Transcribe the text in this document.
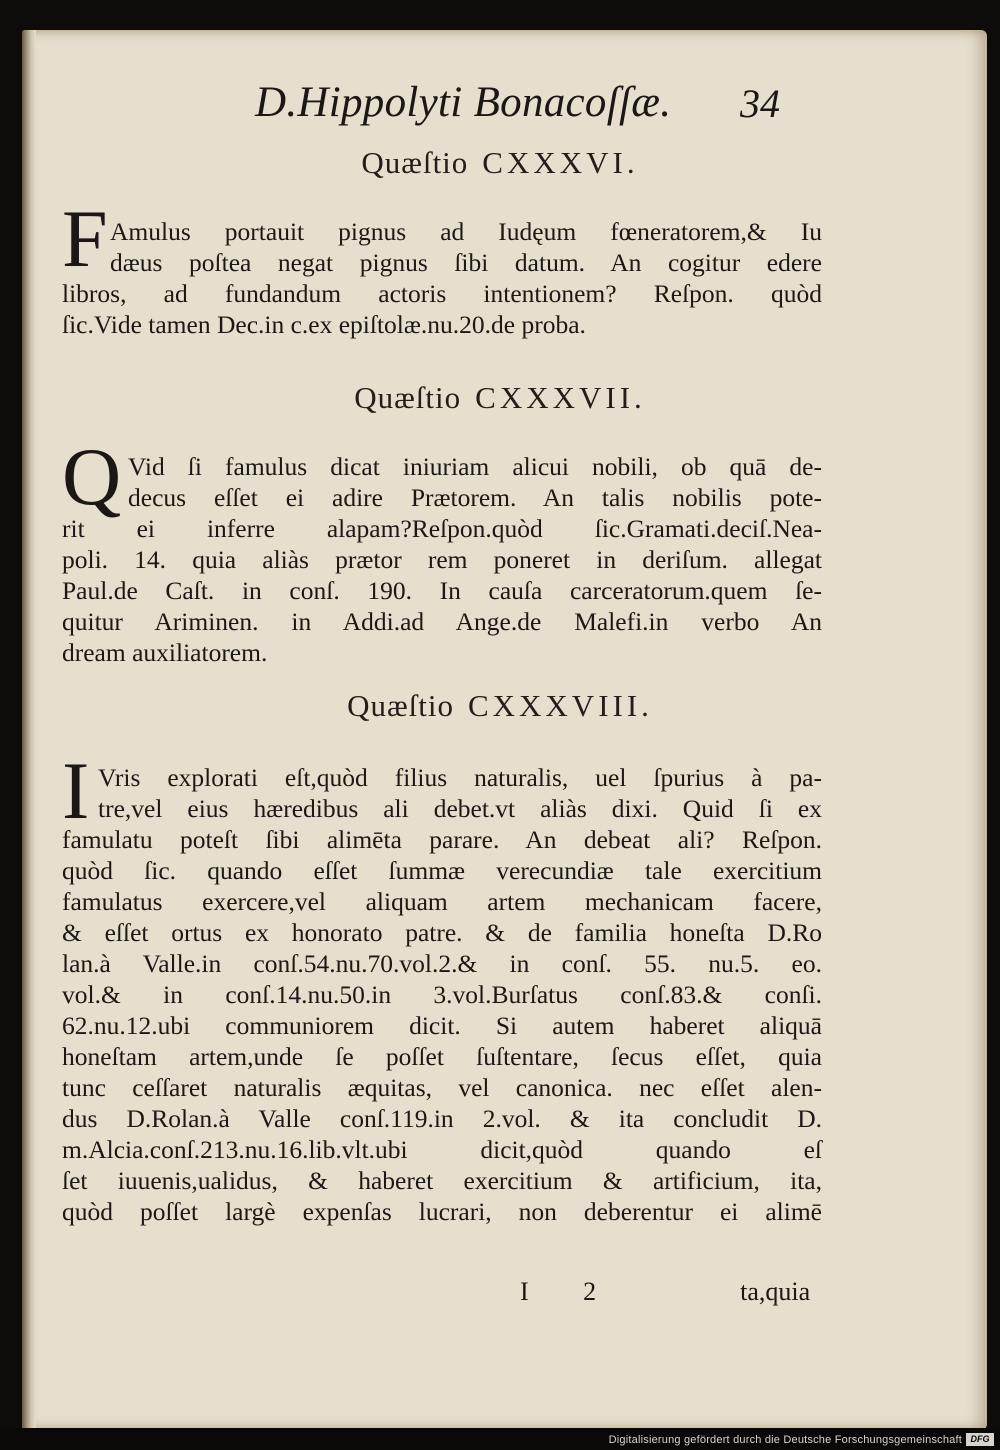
D.Hippolyti Bonacoſſæ. 34
Quæſtio CXXXVI.
F Amulus portauit pignus ad Iudęum fœneratorem,& Iu
dæus poſtea negat pignus ſibi datum. An cogitur edere
libros, ad fundandum actoris intentionem? Reſpon. quòd
ſic.Vide tamen Dec.in c.ex epiſtolæ.nu.20.de proba.
Quæſtio CXXXVII.
Q Vid ſi famulus dicat iniuriam alicui nobili, ob quā de-
decus eſſet ei adire Prætorem. An talis nobilis pote-
rit ei inferre alapam?Reſpon.quòd ſic.Gramati.deciſ.Nea-
poli. 14. quia aliàs prætor rem poneret in deriſum. allegat
Paul.de Caſt. in conſ. 190. In cauſa carceratorum.quem ſe-
quitur Ariminen. in Addi.ad Ange.de Malefi.in verbo An
dream auxiliatorem.
Quæſtio CXXXVIII.
I Vris explorati eſt,quòd filius naturalis, uel ſpurius à pa-
tre,vel eius hæredibus ali debet.vt aliàs dixi. Quid ſi ex
famulatu poteſt ſibi alimēta parare. An debeat ali? Reſpon.
quòd ſic. quando eſſet ſummæ verecundiæ tale exercitium
famulatus exercere,vel aliquam artem mechanicam facere,
& eſſet ortus ex honorato patre. & de familia honeſta D.Ro
lan.à Valle.in conſ.54.nu.70.vol.2.& in conſ. 55. nu.5. eo.
vol.& in conſ.14.nu.50.in 3.vol.Burſatus conſ.83.& conſi.
62.nu.12.ubi communiorem dicit. Si autem haberet aliquā
honeſtam artem,unde ſe poſſet ſuſtentare, ſecus eſſet, quia
tunc ceſſaret naturalis æquitas, vel canonica. nec eſſet alen-
dus D.Rolan.à Valle conſ.119.in 2.vol. & ita concludit D.
m.Alcia.conſ.213.nu.16.lib.vlt.ubi dicit,quòd quando eſ
ſet iuuenis,ualidus, & haberet exercitium & artificium, ita,
quòd poſſet largè expenſas lucrari, non deberentur ei alimē
I 2	ta,quia
Digitalisierung gefördert durch die Deutsche Forschungsgemeinschaft DFG
